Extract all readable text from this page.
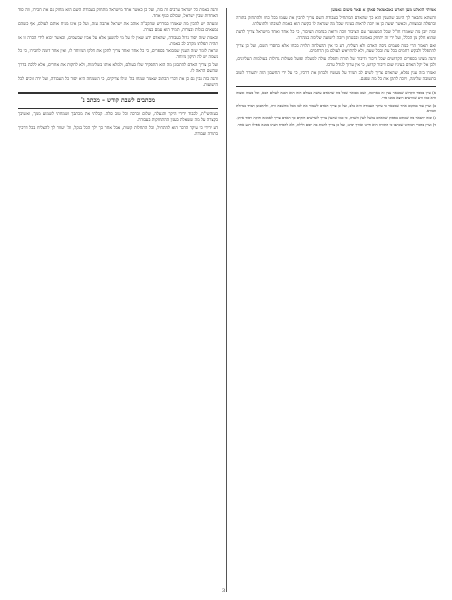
אמיתי הואלט מען ווארט נאכאמאל פאקן א פאר משום נאמען

והשתא נתבאר לך היטב שהענין הוא כך שהאדם המתחיל בעבודת השם צריך להכין את עצמו בכל כחו ולהתחזק בתורה ובתפלה ובמצוות, וכאשר יעשה כן אז יזכה לראות בעיניו שכל מה שנראה לו כקשה הוא באמת לטובתו ולתועלתו.

ובזה יובן מה שאמרו חז"ל שכל המצטער עם הציבור זוכה ורואה בנחמת הציבור, כי כל אחד ואחד מישראל צריך לדעת שהוא חלק מן הכלל, ועל ידי זה יתחזק באמונה ובבטחון ויזכה לישועה שלימה במהרה.

ואם תאמר הרי כמה פעמים ניסה האדם ולא הצליח, דע כי אין ההצלחה תלויה בכחו אלא בחסדי השם, ועל כן צריך להתפלל ולבקש רחמים בכל עת ובכל שעה, ולא להתייאש לעולם מן הרחמים.

והנה מצינו בספרים הקדושים שכל דיבור ודיבור של תורה ותפלה עולה למעלה ופועל פעולות גדולות בעולמות העליונים, ולכן אל יקל האדם בעיניו שום דיבור קדוש, כי אין ערוך לגודל ערכו.

ואמרו בזה ענין נפלא, שהאדם צריך לשים לב תמיד על מעשיו ולבחון את דרכיו, כי על ידי החשבון הזה יתעורר לשוב בתשובה שלימה, ויזכה לתקן את כל מה שפגם.

א) עיין בספר הקדוש שמבאר ענין זה בארוכה, ושם מבואר שכל מה שהאדם עושה בעולם הזה הוא הכנה לעולם הבא, וכל מצוה ומצוה היא כמו זרע שזורעים ויוצא ממנו פרי.

ב) ועיין עוד במקום אחר שמבאר כי עיקר העבודה היא בלב, ועל כן צריך האדם לשמור את לבו מכל מחשבה זרה, ולהתבונן תמיד בגדולת הבורא.

ג) ובזה יתבאר מה שכתוב בפסוק שהאדם נמשל לעץ השדה, כי כמו שהעץ צריך לשרשים חזקים כך האדם צריך לאמונה חזקה ויסוד איתן.

ד) ועיין בדברי רבותינו שכתבו כי התורה היא חיינו ואורך ימינו, ועל כן צריך להגות בה יומם ולילה, ולא להסיח דעתו ממנה אפילו רגע אחד.

והנה באמת כל ישראל ערבים זה בזה, ועל כן כאשר אחד מישראל מתחזק בעבודת השם הוא מחזק גם את חבירו, וזה סוד האחדות שבין ישראל, שכולם כגוף אחד.

ומעתה יש להבין מה שאמרו במדרש שהקב"ה אוהב את ישראל אהבה עזה, ועל כן אינו מניח אותם לעולם, אף כשהם נמצאים בגלות ובצרות, תמיד הוא עמם בצרה.

ובאמת שזה יסוד גדול בעבודה, שהאדם ידע שאין לו על מי להשען אלא על אביו שבשמים, וכאשר יבוא לידי הכרה זו אז תהיה תפלתו מקרב לב באמת.

ונראה לומר שזה הענין שמבואר בספרים, כי כל אחד ואחד צריך לתקן את חלקו המיוחד לו, ואין אחד דומה לחבירו, כי כל נשמה יש לה תיקון מיוחד.

ועל כן צריך האדם להתבונן מה הוא התפקיד שלו בעולם, ולמלא אותו בשלימות, ולא לחקות את אחרים, אלא ללכת בדרך שהשם הראה לו.

והנה בזה נבין גם כן את דברי הכתוב שאמר שמחו בה' וגילו צדיקים, כי השמחה היא יסוד כל העבודה, ועל ידה זוכים לכל הישועות.

מכתבים לשבת קודש – מכתב נ'

בעזהשי"ת, לכבוד ידידי היקר והנעלה, שלום וברכה וכל טוב סלה. קבלתי את מכתבך ושמחתי לשמוע ממך, ואשיבך בקצרה על מה ששאלת בענין ההתחזקות בעבודה.

דע ידידי כי עיקר הדבר הוא להתחיל, וכל התחלות קשות, אבל אחר כך ילך הכל בנקל, וה' יעזור לך להצליח בכל דרכיך בתורה ועבודה.

3
